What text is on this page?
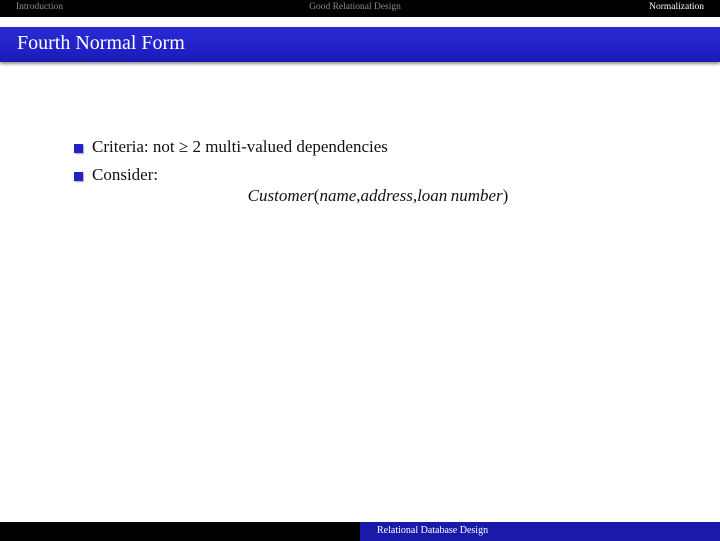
Introduction	Good Relational Design	Normalization
Fourth Normal Form
Criteria: not ≥ 2 multi-valued dependencies
Consider:
Customer(name,address,loan number)
Relational Database Design
